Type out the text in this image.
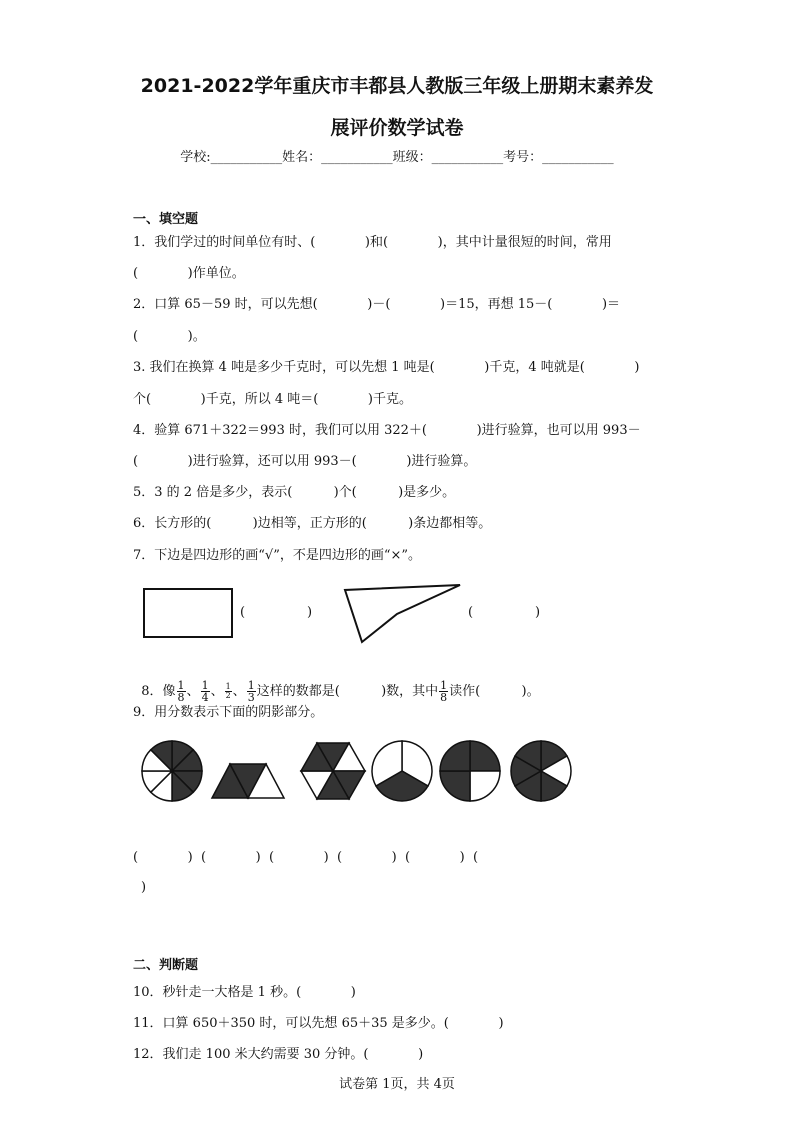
2021-2022学年重庆市丰都县人教版三年级上册期末素养发
展评价数学试卷
学校:___________姓名：___________班级：___________考号：___________
一、填空题
1．我们学过的时间单位有时、(            )和(            )，其中计量很短的时间，常用
(            )作单位。
2．口算 65－59 时，可以先想(            )－(            )＝15，再想 15－(            )＝
(            )。
3. 我们在换算 4 吨是多少千克时，可以先想 1 吨是(            )千克，4 吨就是(            )
个(            )千克，所以 4 吨＝(            )千克。
4．验算 671＋322＝993 时，我们可以用 322＋(            )进行验算，也可以用 993－
(            )进行验算，还可以用 993－(            )进行验算。
5．3 的 2 倍是多少，表示(          )个(          )是多少。
6．长方形的(          )边相等，正方形的(          )条边都相等。
7．下边是四边形的画“√”，不是四边形的画“×”。
(               )	(               )

8．像 $\frac{1}{8}$ 、 $\frac{1}{4}$ 、 $\frac{1}{2}$ 、 $\frac{1}{3}$ 这样的数都是(          )数，其中 $\frac{1}{8}$ 读作(          )。

9．用分数表示下面的阴影部分。
(            )  (            )  (            )  (            )  (            )  (
)
二、判断题
10．秒针走一大格是 1 秒。(            )
11．口算 650＋350 时，可以先想 65＋35 是多少。(            )
12．我们走 100 米大约需要 30 分钟。(            )
试卷第 1页，共 4页
